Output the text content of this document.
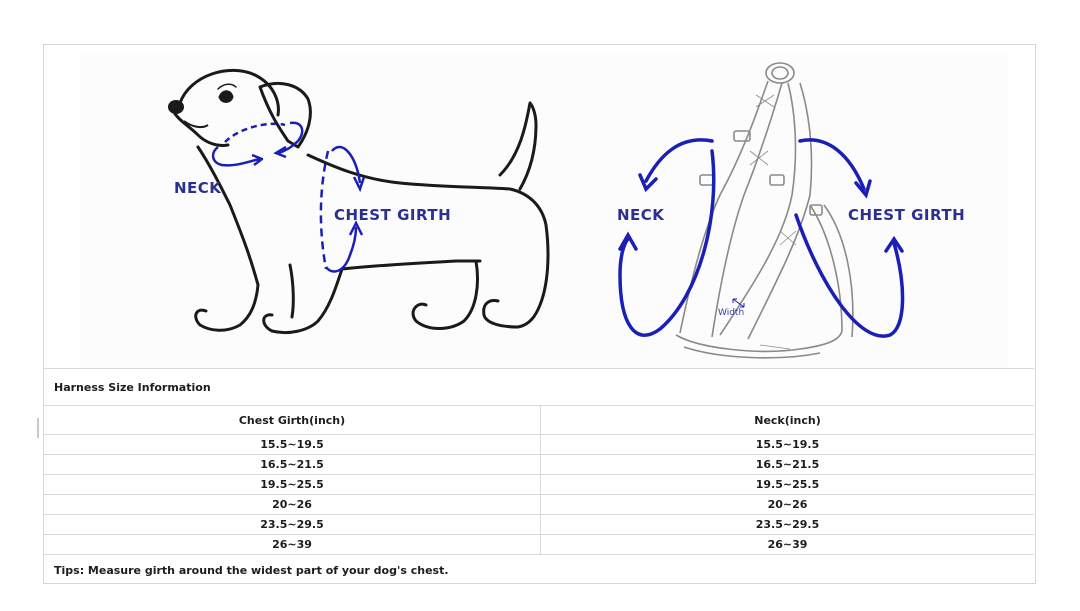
NECK
CHEST GIRTH	NECK	CHEST GIRTH
Width
Harness Size Information	
Chest Girth(inch)	Neck(inch)
15.5~19.5	15.5~19.5
16.5~21.5	16.5~21.5
19.5~25.5	19.5~25.5
20~26	20~26
23.5~29.5	23.5~29.5
26~39	26~39
Tips: Measure girth around the widest part of your dog's chest.	
